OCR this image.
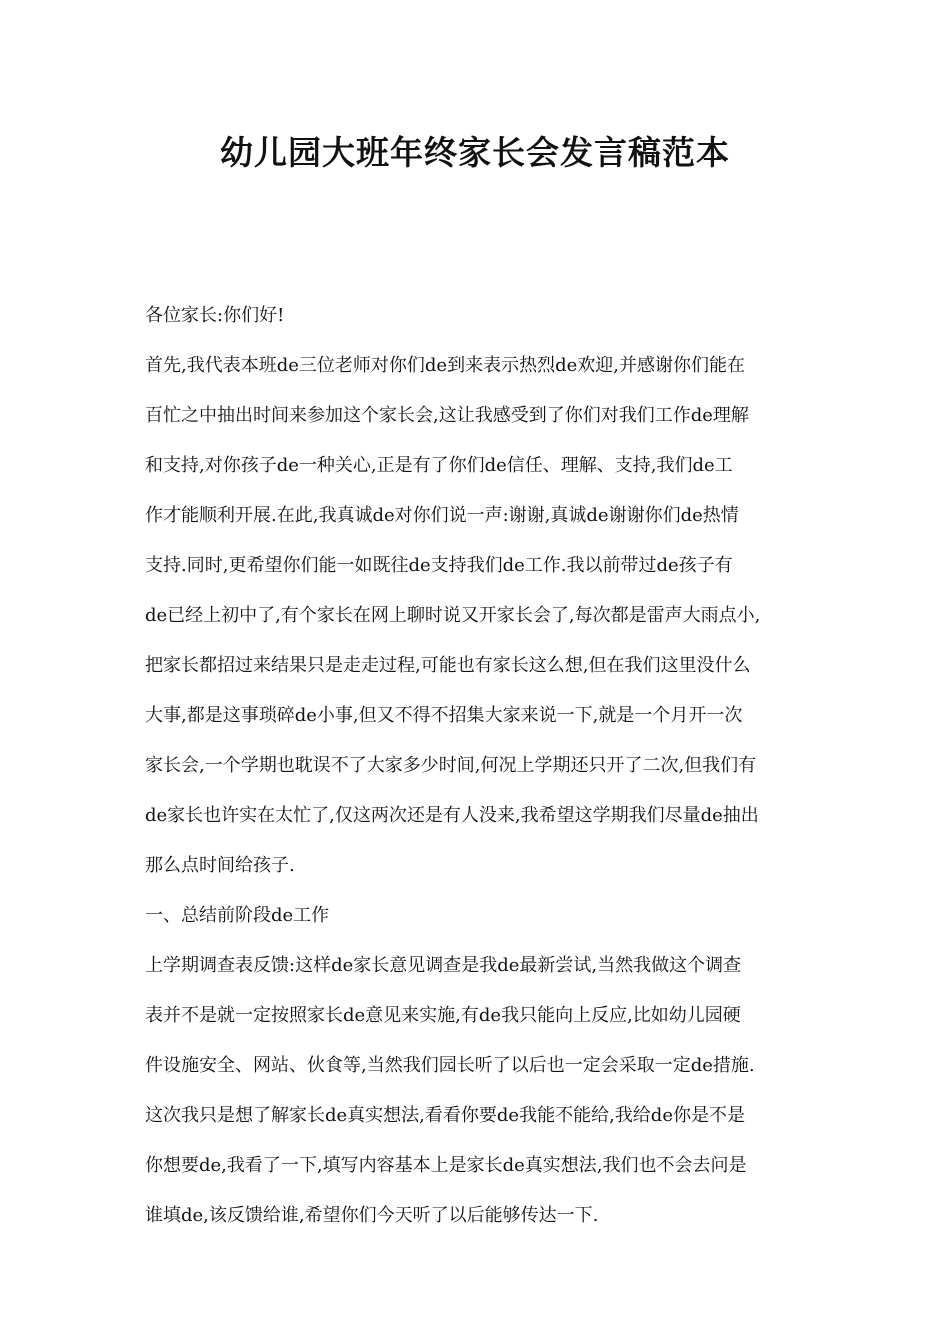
幼儿园大班年终家长会发言稿范本
各位家长:你们好!
首先,我代表本班de三位老师对你们de到来表示热烈de欢迎,并感谢你们能在
百忙之中抽出时间来参加这个家长会,这让我感受到了你们对我们工作de理解
和支持,对你孩子de一种关心,正是有了你们de信任、理解、支持,我们de工
作才能顺利开展.在此,我真诚de对你们说一声:谢谢,真诚de谢谢你们de热情
支持.同时,更希望你们能一如既往de支持我们de工作.我以前带过de孩子有
de已经上初中了,有个家长在网上聊时说又开家长会了,每次都是雷声大雨点小,
把家长都招过来结果只是走走过程,可能也有家长这么想,但在我们这里没什么
大事,都是这事琐碎de小事,但又不得不招集大家来说一下,就是一个月开一次
家长会,一个学期也耽误不了大家多少时间,何况上学期还只开了二次,但我们有
de家长也许实在太忙了,仅这两次还是有人没来,我希望这学期我们尽量de抽出
那么点时间给孩子.
一、总结前阶段de工作
上学期调查表反馈:这样de家长意见调查是我de最新尝试,当然我做这个调查
表并不是就一定按照家长de意见来实施,有de我只能向上反应,比如幼儿园硬
件设施安全、网站、伙食等,当然我们园长听了以后也一定会采取一定de措施.
这次我只是想了解家长de真实想法,看看你要de我能不能给,我给de你是不是
你想要de,我看了一下,填写内容基本上是家长de真实想法,我们也不会去问是
谁填de,该反馈给谁,希望你们今天听了以后能够传达一下.
